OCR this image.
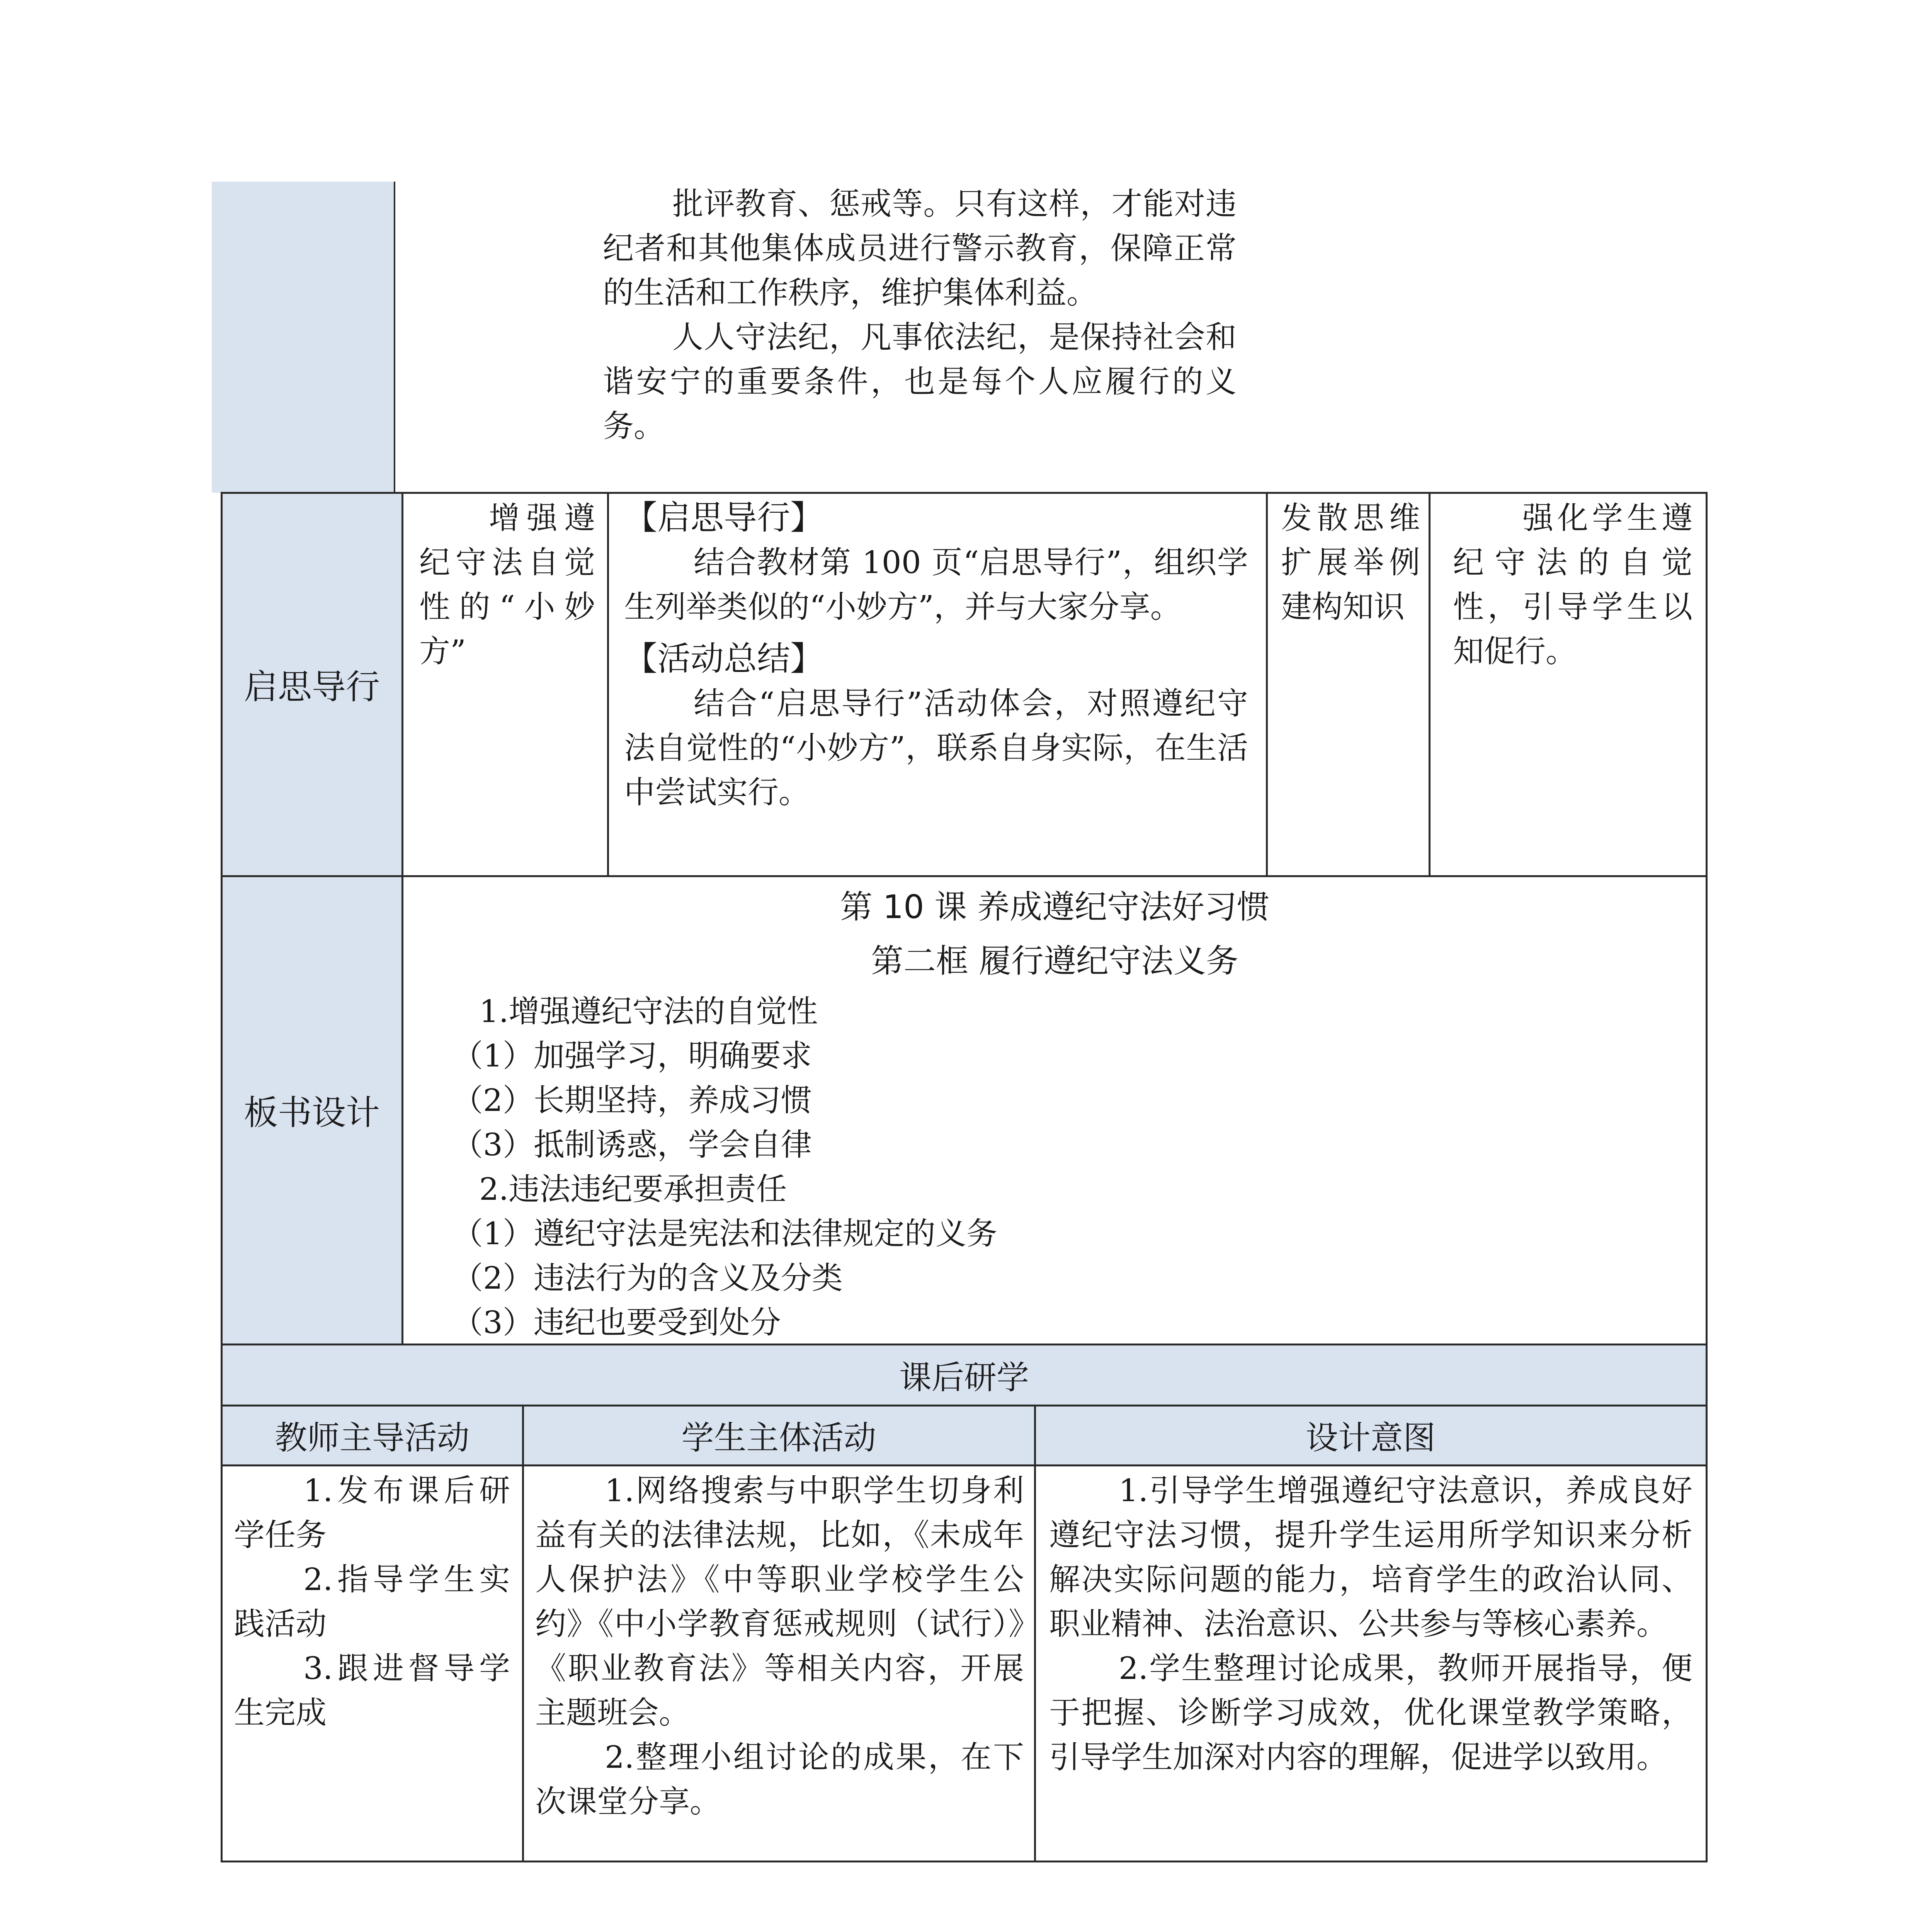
批评教育、惩戒等。只有这样，才能对违纪者和其他集体成员进行警示教育，保障正常的生活和工作秩序，维护集体利益。

人人守法纪，凡事依法纪，是保持社会和谐安宁的重要条件，也是每个人应履行的义务。

启思导行

增强遵纪守法自觉性的“小妙方”

【启思导行】

结合教材第 100 页“启思导行”，组织学生列举类似的“小妙方”，并与大家分享。

【活动总结】

结合“启思导行”活动体会，对照遵纪守法自觉性的“小妙方”，联系自身实际，在生活中尝试实行。

发散思维扩展举例建构知识

强化学生遵纪守法的自觉性，引导学生以知促行。

板书设计
第 10 课 养成遵纪守法好习惯
第二框 履行遵纪守法义务

1.增强遵纪守法的自觉性

（1）加强学习，明确要求

（2）长期坚持，养成习惯

（3）抵制诱惑，学会自律

2.违法违纪要承担责任

（1）遵纪守法是宪法和法律规定的义务

（2）违法行为的含义及分类

（3）违纪也要受到处分

课后研学
教师主导活动	学生主体活动	设计意图

1.发布课后研学任务

2.指导学生实践活动

3.跟进督导学生完成

1.网络搜索与中职学生切身利益有关的法律法规，比如，《未成年人保护法》《中等职业学校学生公约》《中小学教育惩戒规则（试行）》《职业教育法》等相关内容，开展主题班会。

2.整理小组讨论的成果，在下次课堂分享。

1.引导学生增强遵纪守法意识，养成良好遵纪守法习惯，提升学生运用所学知识来分析解决实际问题的能力，培育学生的政治认同、职业精神、法治意识、公共参与等核心素养。

2.学生整理讨论成果，教师开展指导，便于把握、诊断学习成效，优化课堂教学策略，引导学生加深对内容的理解，促进学以致用。
